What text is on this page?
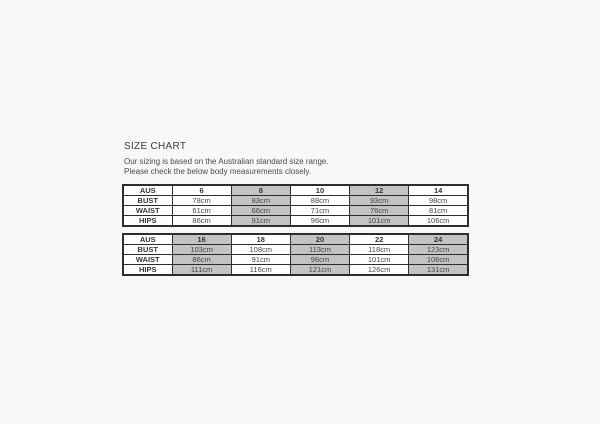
SIZE CHART
Our sizing is based on the Australian standard size range.
Please check the below body measurements closely.
AUS	6	8	10	12	14
BUST	78cm	83cm	88cm	93cm	98cm
WAIST	61cm	66cm	71cm	76cm	81cm
HIPS	86cm	91cm	96cm	101cm	106cm
AUS	16	18	20	22	24
BUST	103cm	108cm	113cm	118cm	123cm
WAIST	86cm	91cm	96cm	101cm	106cm
HIPS	111cm	116cm	121cm	126cm	131cm
